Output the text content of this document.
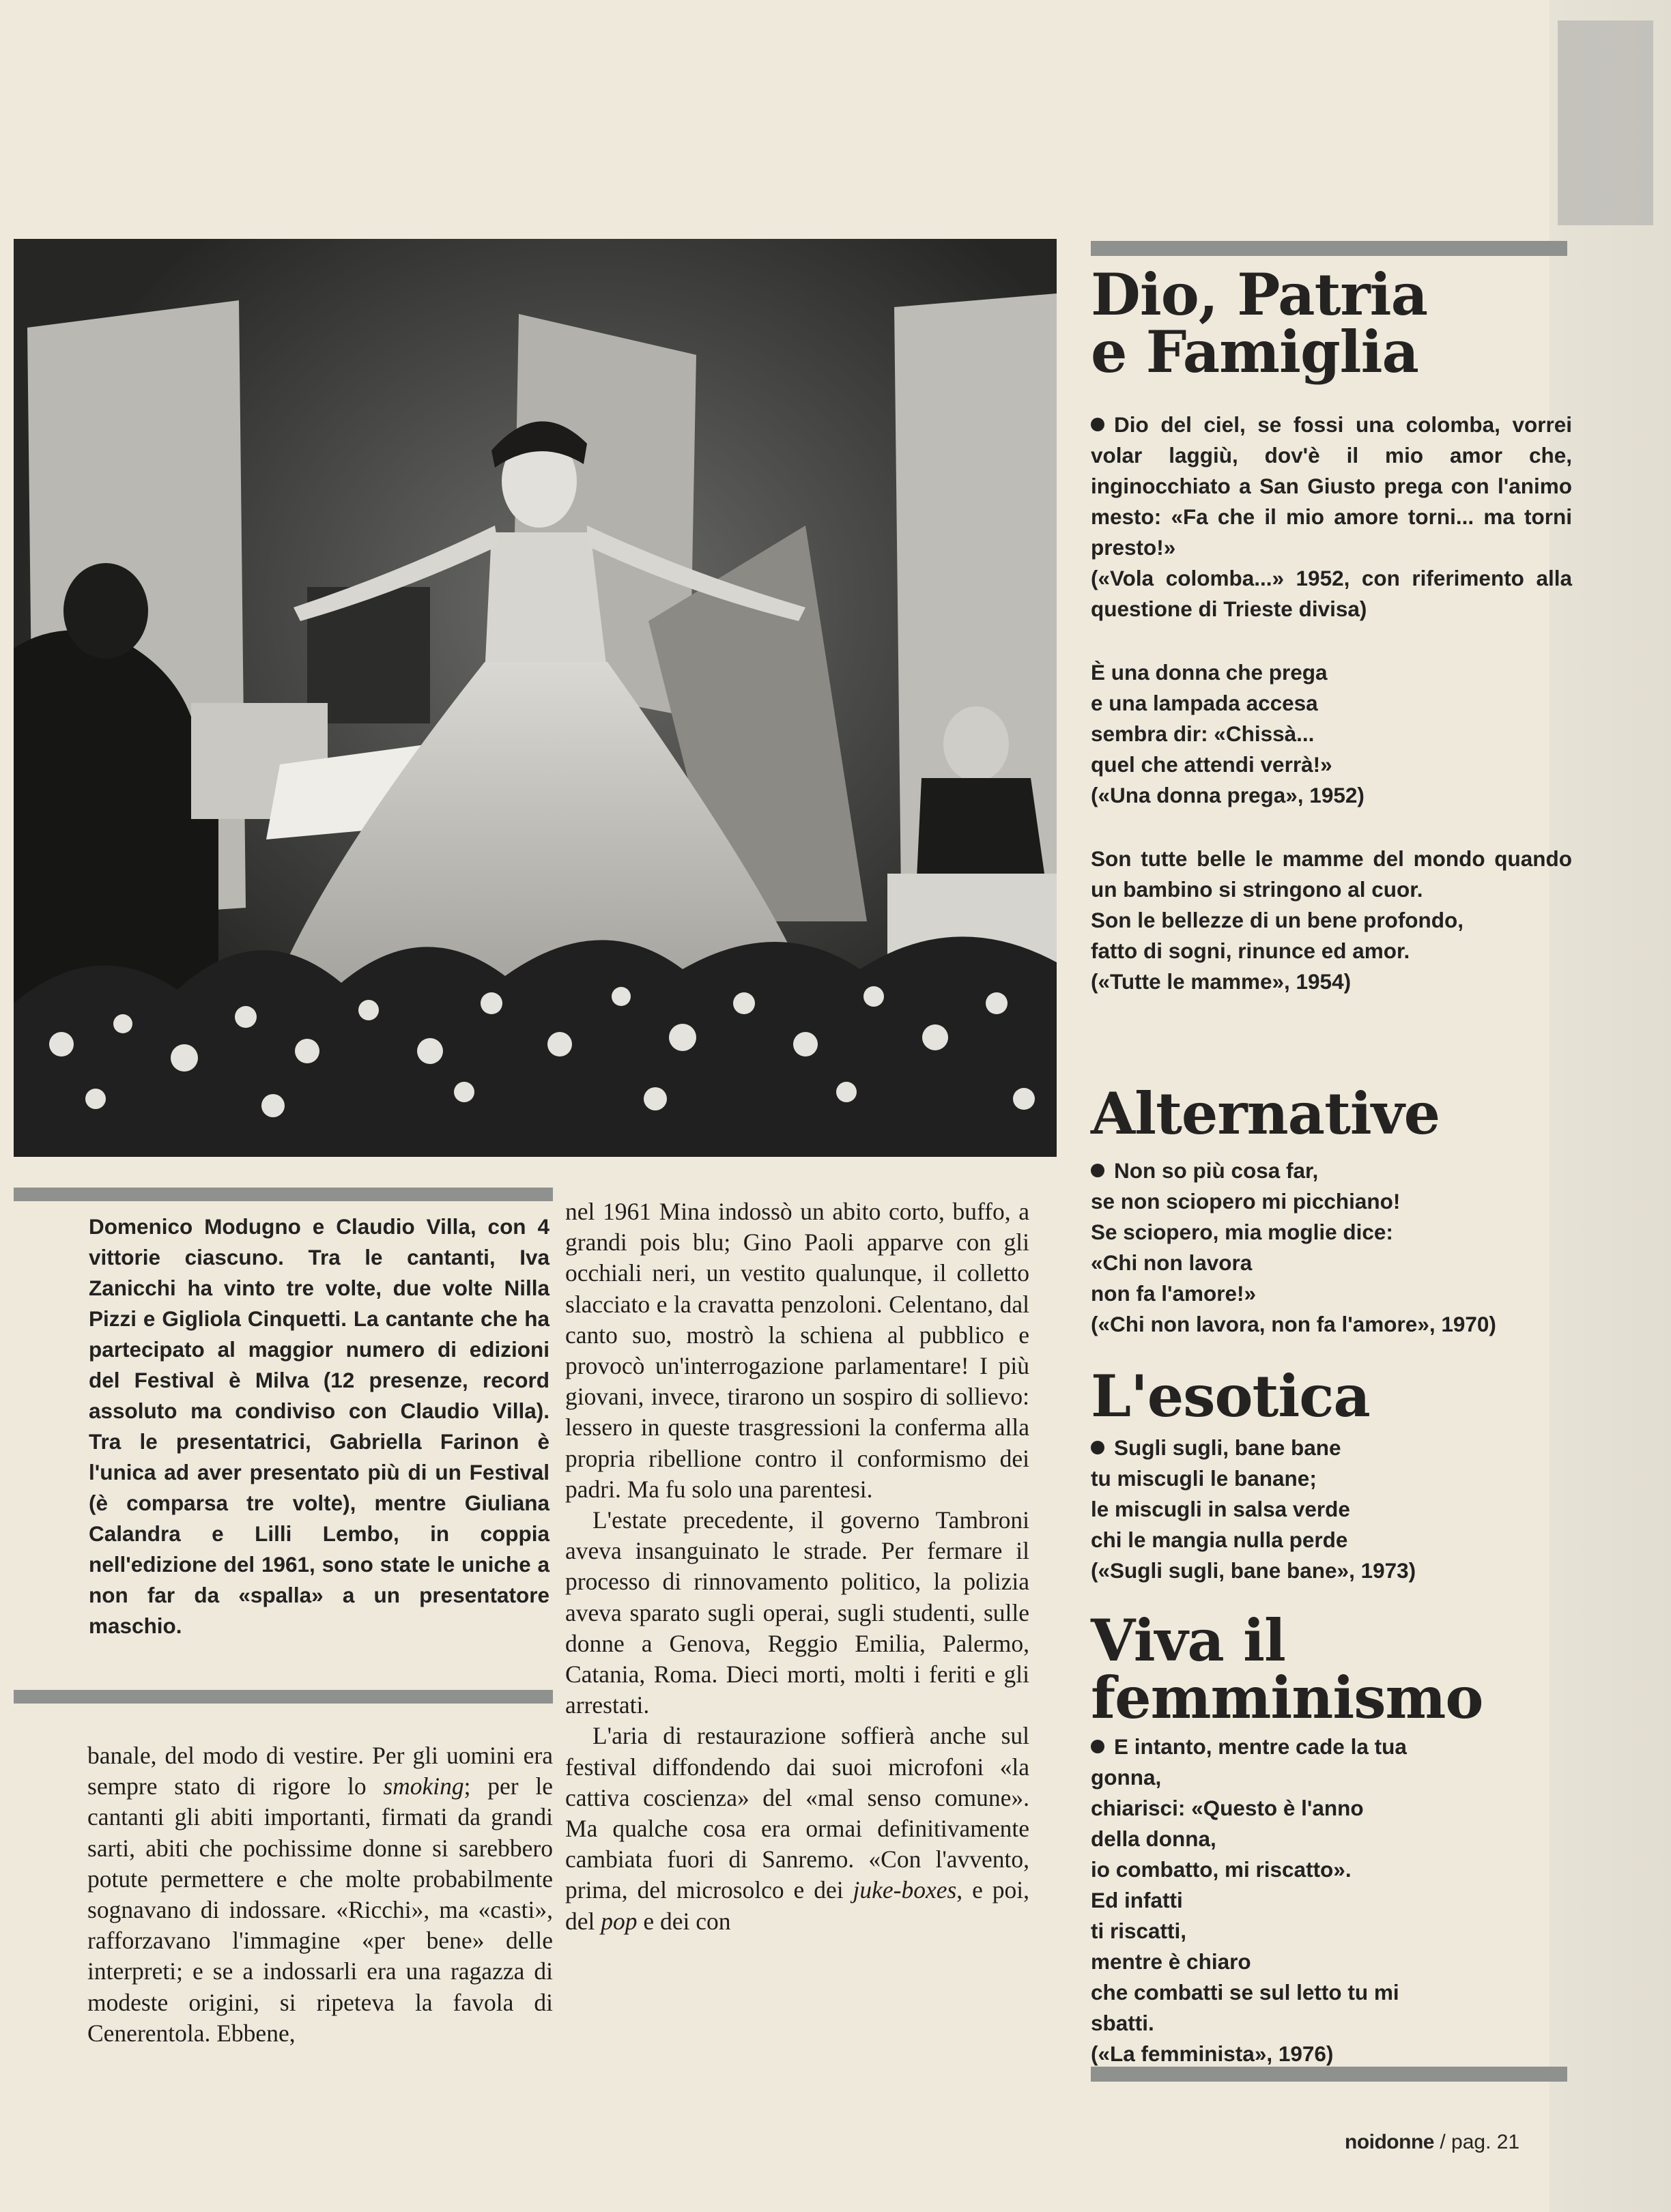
Domenico Modugno e Claudio Villa, con 4 vittorie ciascuno. Tra le cantanti, Iva Zanicchi ha vinto tre volte, due volte Nilla Pizzi e Gigliola Cinquetti. La cantante che ha partecipato al maggior numero di edizioni del Festival è Milva (12 presenze, record assoluto ma condiviso con Claudio Villa). Tra le presentatrici, Gabriella Farinon è l'unica ad aver presentato più di un Festival (è comparsa tre volte), mentre Giuliana Calandra e Lilli Lembo, in coppia nell'edizione del 1961, sono state le uniche a non far da «spalla» a un presentatore maschio.

banale, del modo di vestire. Per gli uomini era sempre stato di rigore lo smoking; per le cantanti gli abiti importanti, firmati da grandi sarti, abiti che pochissime donne si sarebbero potute permettere e che molte probabilmente sognavano di indossare. «Ricchi», ma «casti», rafforzavano l'immagine «per bene» delle interpreti; e se a indossarli era una ragazza di modeste origini, si ripeteva la favola di Cenerentola. Ebbene,

nel 1961 Mina indossò un abito corto, buffo, a grandi pois blu; Gino Paoli apparve con gli occhiali neri, un vestito qualunque, il colletto slacciato e la cravatta penzoloni. Celentano, dal canto suo, mostrò la schiena al pubblico e provocò un'interrogazione parlamentare! I più giovani, invece, tirarono un sospiro di sollievo: lessero in queste trasgressioni la conferma alla propria ribellione contro il conformismo dei padri. Ma fu solo una parentesi.

L'estate precedente, il governo Tambroni aveva insanguinato le strade. Per fermare il processo di rinnovamento politico, la polizia aveva sparato sugli operai, sugli studenti, sulle donne a Genova, Reggio Emilia, Palermo, Catania, Roma. Dieci morti, molti i feriti e gli arrestati.

L'aria di restaurazione soffierà anche sul festival diffondendo dai suoi microfoni «la cattiva coscienza» del «mal senso comune». Ma qualche cosa era ormai definitivamente cambiata fuori di Sanremo. «Con l'avvento, prima, del microsolco e dei juke-boxes, e poi, del pop e dei con

Dio, Patria
e Famiglia

Dio del ciel, se fossi una colomba, vorrei volar laggiù, dov'è il mio amor che, inginocchiato a San Giusto prega con l'animo mesto: «Fa che il mio amore torni... ma torni presto!»

(«Vola colomba...» 1952, con riferimento alla questione di Trieste divisa)

È una donna che prega

e una lampada accesa

sembra dir: «Chissà...

quel che attendi verrà!»

(«Una donna prega», 1952)

Son tutte belle le mamme del mondo quando un bambino si stringono al cuor.

Son le bellezze di un bene profondo,

fatto di sogni, rinunce ed amor.

(«Tutte le mamme», 1954)

Alternative

Non so più cosa far,

se non sciopero mi picchiano!

Se sciopero, mia moglie dice:

«Chi non lavora

non fa l'amore!»

(«Chi non lavora, non fa l'amore», 1970)

L'esotica

Sugli sugli, bane bane

tu miscugli le banane;

le miscugli in salsa verde

chi le mangia nulla perde

(«Sugli sugli, bane bane», 1973)

Viva il
femminismo

E intanto, mentre cade la tua

gonna,

chiarisci: «Questo è l'anno

della donna,

io combatto, mi riscatto».

Ed infatti

ti riscatti,

mentre è chiaro

che combatti se sul letto tu mi

sbatti.

(«La femminista», 1976)

noidonne / pag. 21
